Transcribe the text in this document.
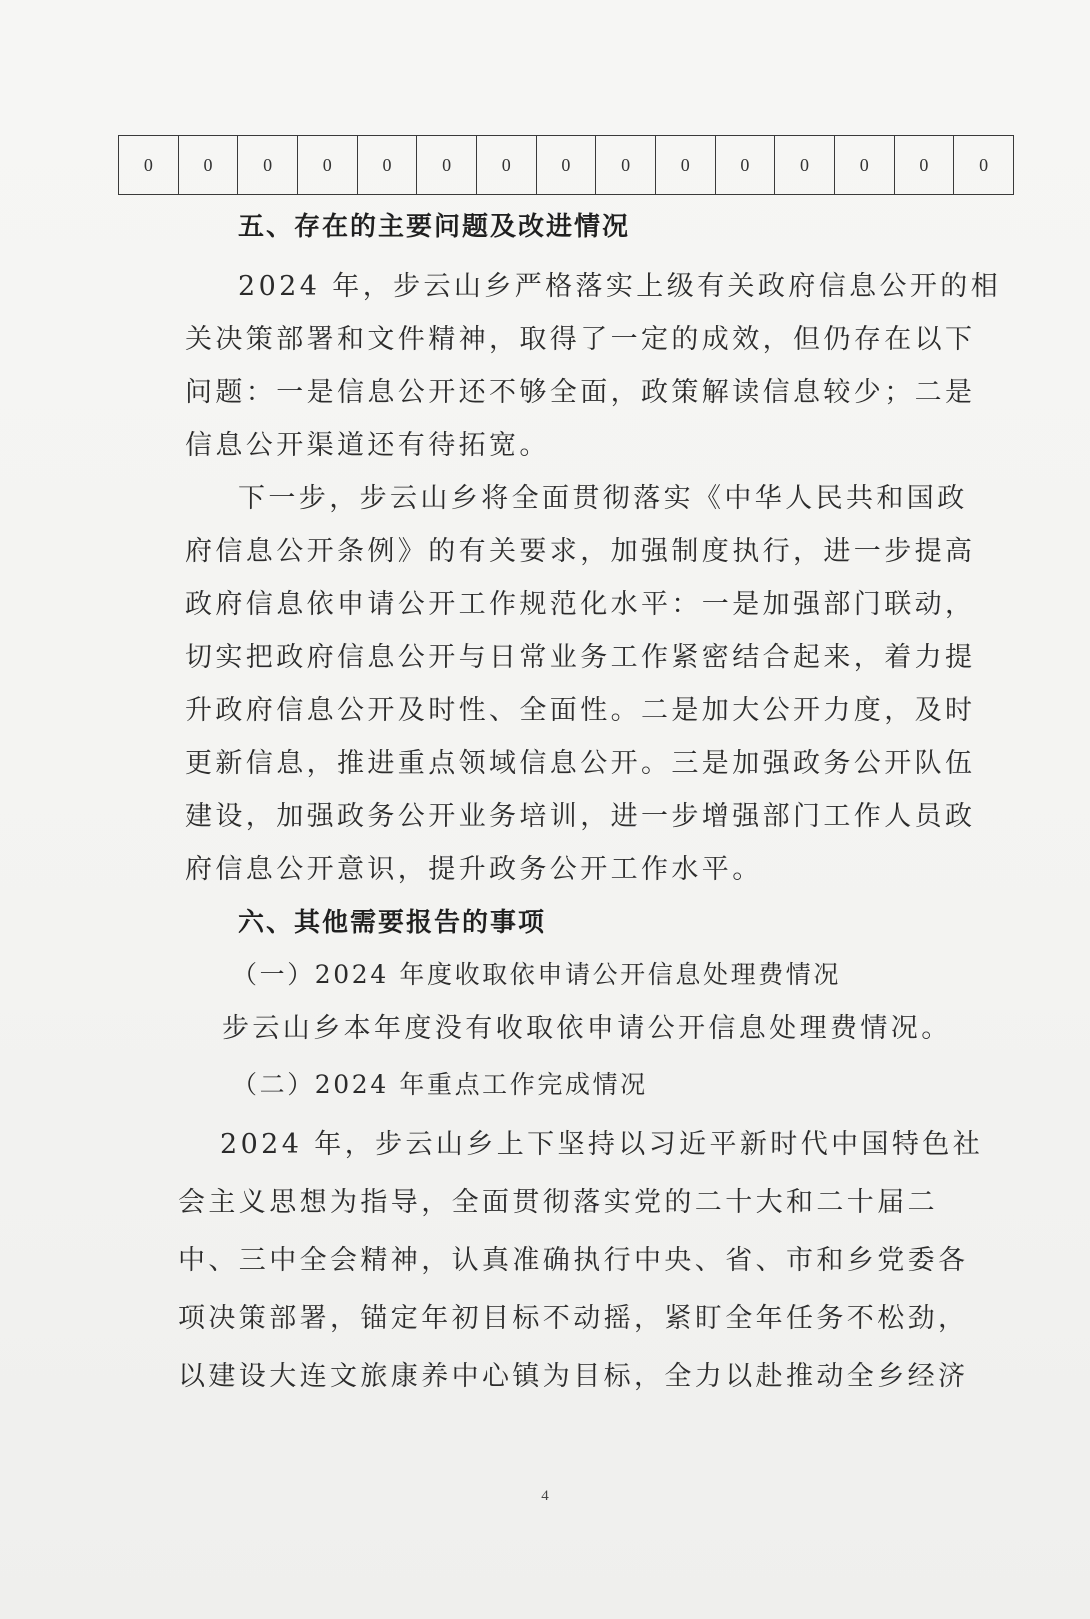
0	0	0	0	0	0	0	0	0	0	0	0	0	0	0
五、存在的主要问题及改进情况
2024 年，步云山乡严格落实上级有关政府信息公开的相
关决策部署和文件精神，取得了一定的成效，但仍存在以下
问题：一是信息公开还不够全面，政策解读信息较少；二是
信息公开渠道还有待拓宽。
下一步，步云山乡将全面贯彻落实《中华人民共和国政
府信息公开条例》的有关要求，加强制度执行，进一步提高
政府信息依申请公开工作规范化水平：一是加强部门联动，
切实把政府信息公开与日常业务工作紧密结合起来，着力提
升政府信息公开及时性、全面性。二是加大公开力度，及时
更新信息，推进重点领域信息公开。三是加强政务公开队伍
建设，加强政务公开业务培训，进一步增强部门工作人员政
府信息公开意识，提升政务公开工作水平。
六、其他需要报告的事项
（一）2024 年度收取依申请公开信息处理费情况
步云山乡本年度没有收取依申请公开信息处理费情况。
（二）2024 年重点工作完成情况
2024 年，步云山乡上下坚持以习近平新时代中国特色社
会主义思想为指导，全面贯彻落实党的二十大和二十届二
中、三中全会精神，认真准确执行中央、省、市和乡党委各
项决策部署，锚定年初目标不动摇，紧盯全年任务不松劲，
以建设大连文旅康养中心镇为目标，全力以赴推动全乡经济
4
